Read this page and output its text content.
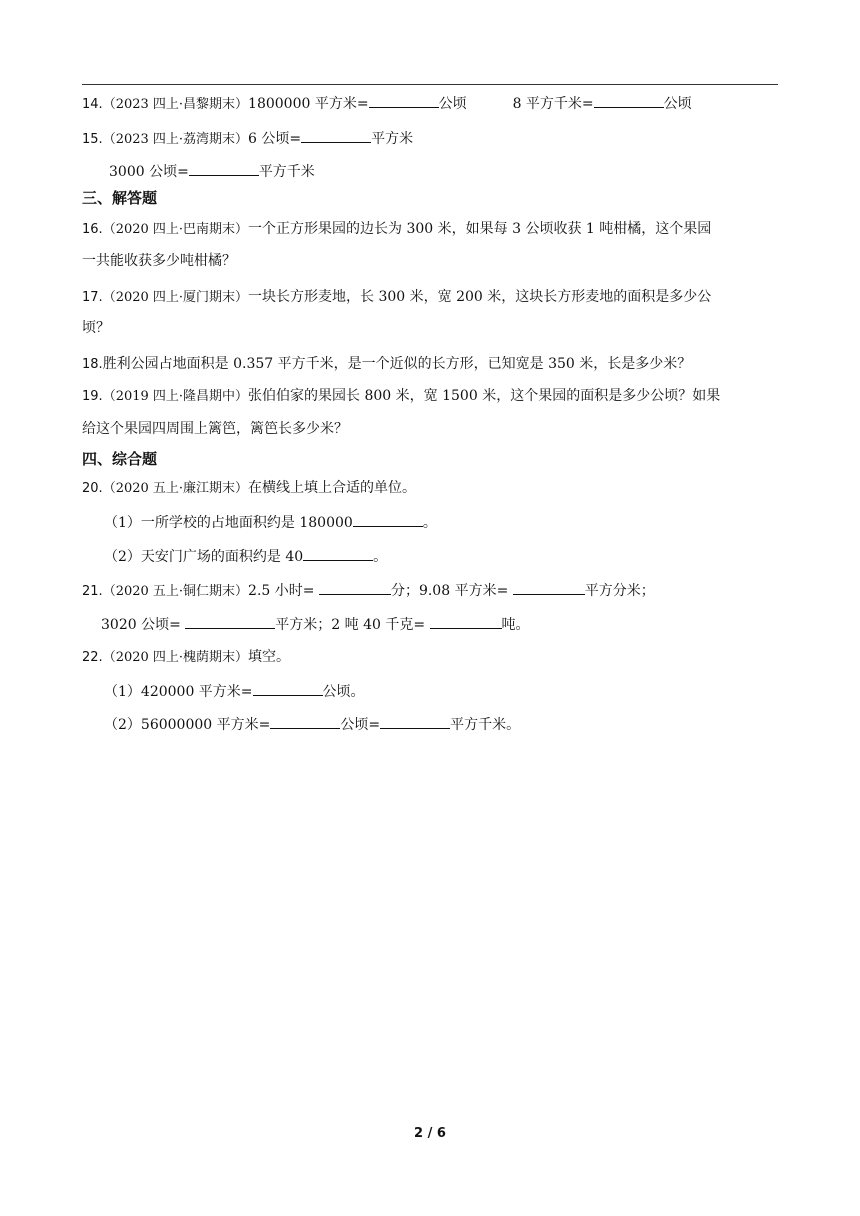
14.（2023 四上·昌黎期末）1800000 平方米=	公顷	8 平方千米=	公顷
15.（2023 四上·荔湾期末）6 公顷=	平方米
3000 公顷=	平方千米
三、解答题
16.（2020 四上·巴南期末）一个正方形果园的边长为 300 米，如果每 3 公顷收获 1 吨柑橘，这个果园
一共能收获多少吨柑橘？
17.（2020 四上·厦门期末）一块长方形麦地，长 300 米，宽 200 米，这块长方形麦地的面积是多少公
顷？
18.胜利公园占地面积是 0.357 平方千米，是一个近似的长方形，已知宽是 350 米，长是多少米？
19.（2019 四上·隆昌期中）张伯伯家的果园长 800 米，宽 1500 米，这个果园的面积是多少公顷？如果
给这个果园四周围上篱笆，篱笆长多少米？
四、综合题
20.（2020 五上·廉江期末）在横线上填上合适的单位。
（1）一所学校的占地面积约是 180000	。
（2）天安门广场的面积约是 40	。
21.（2020 五上·铜仁期末）2.5 小时=	分；9.08 平方米=	平方分米；
3020 公顷=	平方米；2 吨 40 千克=	吨。
22.（2020 四上·槐荫期末）填空。
（1）420000 平方米=	公顷。
（2）56000000 平方米=	公顷=	平方千米。
2 / 6
